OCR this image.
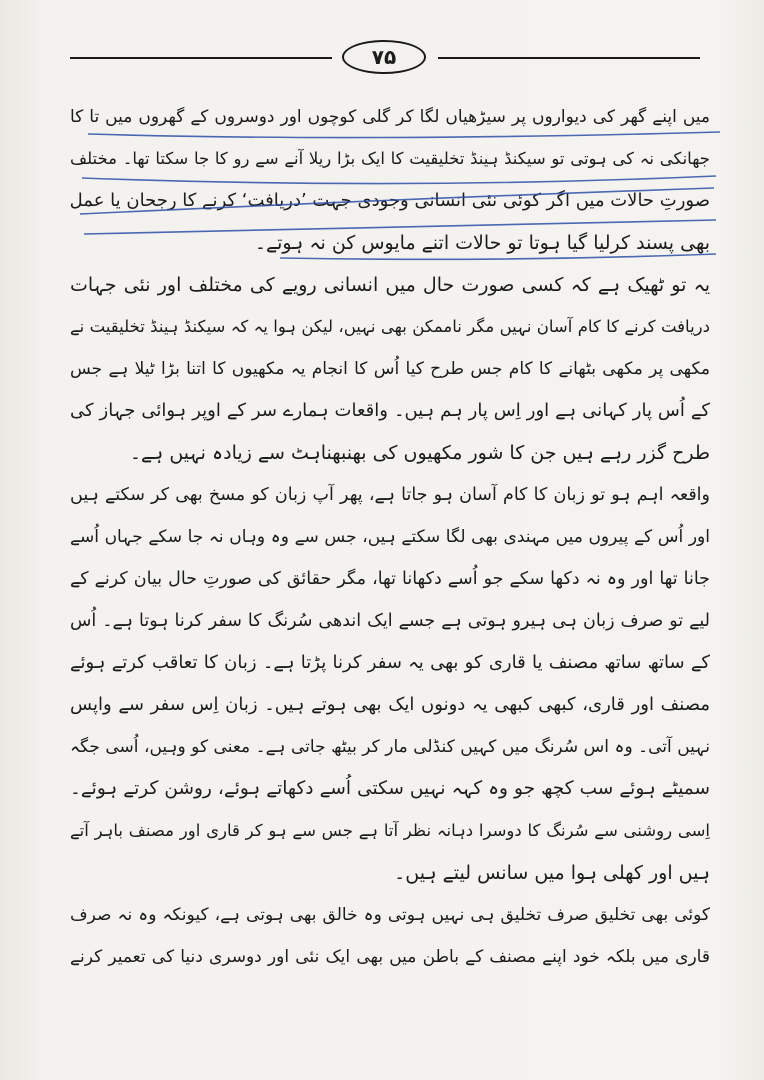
۷۵

میں اپنے گھر کی دیواروں پر سیڑھیاں لگا کر گلی کوچوں اور دوسروں کے گھروں میں تا کا
جھانکی نہ کی ہوتی تو سیکنڈ ہینڈ تخلیقیت کا ایک بڑا ریلا آنے سے رو کا جا سکتا تھا۔ مختلف
صورتِ حالات میں اگر کوئی نئی انسانی وجودی جہت ’دریافت‘ کرنے کا رجحان یا عمل
بھی پسند کرلیا گیا ہوتا تو حالات اتنے مایوس کن نہ ہوتے۔

یہ تو ٹھیک ہے کہ کسی صورت حال میں انسانی رویے کی مختلف اور نئی جہات
دریافت کرنے کا کام آسان نہیں مگر ناممکن بھی نہیں، لیکن ہوا یہ کہ سیکنڈ ہینڈ تخلیقیت نے
مکھی پر مکھی بٹھانے کا کام جس طرح کیا اُس کا انجام یہ مکھیوں کا اتنا بڑا ٹیلا ہے جس
کے اُس پار کہانی ہے اور اِس پار ہم ہیں۔ واقعات ہمارے سر کے اوپر ہوائی جہاز کی
طرح گزر رہے ہیں جن کا شور مکھیوں کی بھنبھناہٹ سے زیادہ نہیں ہے۔

واقعہ اہم ہو تو زبان کا کام آسان ہو جاتا ہے، پھر آپ زبان کو مسخ بھی کر سکتے ہیں
اور اُس کے پیروں میں مہندی بھی لگا سکتے ہیں، جس سے وہ وہاں نہ جا سکے جہاں اُسے
جانا تھا اور وہ نہ دکھا سکے جو اُسے دکھانا تھا، مگر حقائق کی صورتِ حال بیان کرنے کے
لیے تو صرف زبان ہی ہیرو ہوتی ہے جسے ایک اندھی سُرنگ کا سفر کرنا ہوتا ہے۔ اُس
کے ساتھ ساتھ مصنف یا قاری کو بھی یہ سفر کرنا پڑتا ہے۔ زبان کا تعاقب کرتے ہوئے
مصنف اور قاری، کبھی کبھی یہ دونوں ایک بھی ہوتے ہیں۔ زبان اِس سفر سے واپس
نہیں آتی۔ وہ اس سُرنگ میں کہیں کنڈلی مار کر بیٹھ جاتی ہے۔ معنی کو وہیں، اُسی جگہ
سمیٹے ہوئے سب کچھ جو وہ کہہ نہیں سکتی اُسے دکھاتے ہوئے، روشن کرتے ہوئے۔
اِسی روشنی سے سُرنگ کا دوسرا دہانہ نظر آتا ہے جس سے ہو کر قاری اور مصنف باہر آتے
ہیں اور کھلی ہوا میں سانس لیتے ہیں۔

کوئی بھی تخلیق صرف تخلیق ہی نہیں ہوتی وہ خالق بھی ہوتی ہے، کیونکہ وہ نہ صرف
قاری میں بلکہ خود اپنے مصنف کے باطن میں بھی ایک نئی اور دوسری دنیا کی تعمیر کرنے
